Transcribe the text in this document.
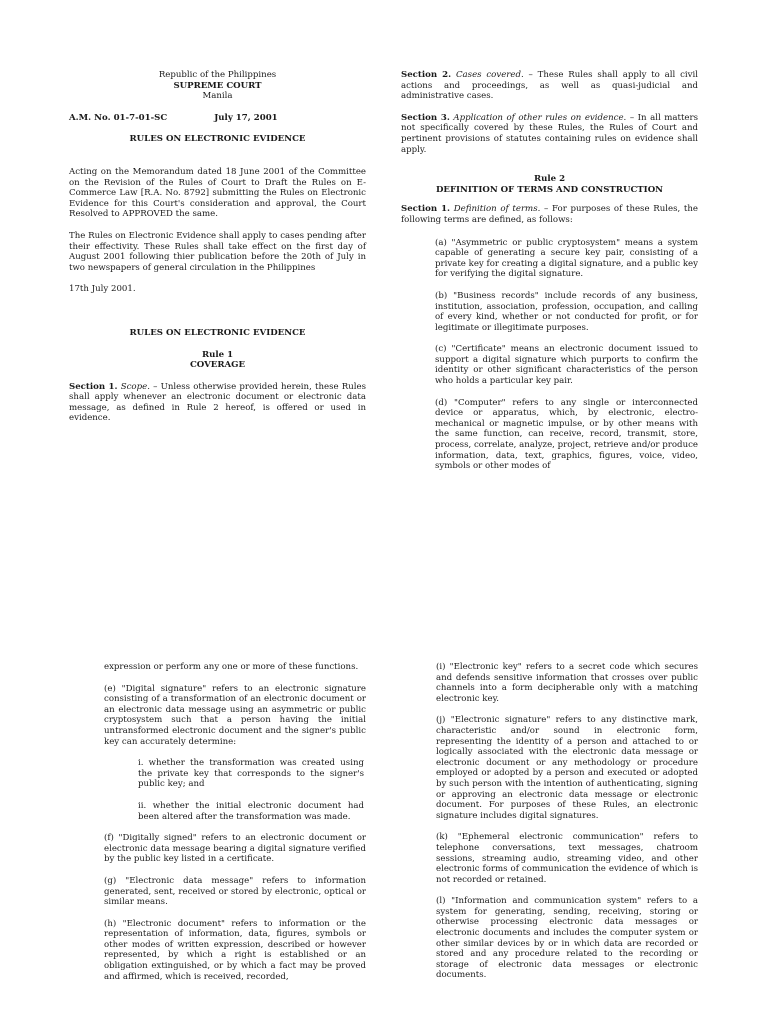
Republic of the Philippines

SUPREME COURT

Manila

A.M. No. 01-7-01-SC	July 17, 2001

RULES ON ELECTRONIC EVIDENCE

Acting on the Memorandum dated 18 June 2001 of the Committee on the Revision of the Rules of Court to Draft the Rules on E-Commerce Law [R.A. No. 8792] submitting the Rules on Electronic Evidence for this Court's consideration and approval, the Court Resolved to APPROVED the same.

The Rules on Electronic Evidence shall apply to cases pending after their effectivity. These Rules shall take effect on the first day of August 2001 following thier publication before the 20th of July in two newspapers of general circulation in the Philippines

17th July 2001.

RULES ON ELECTRONIC EVIDENCE

Rule 1

COVERAGE

Section 1. Scope. – Unless otherwise provided herein, these Rules shall apply whenever an electronic document or electronic data message, as defined in Rule 2 hereof, is offered or used in evidence.

Section 2. Cases covered. – These Rules shall apply to all civil actions and proceedings, as well as quasi-judicial and administrative cases.

Section 3. Application of other rules on evidence. – In all matters not specifically covered by these Rules, the Rules of Court and pertinent provisions of statutes containing rules on evidence shall apply.

Rule 2

DEFINITION OF TERMS AND CONSTRUCTION

Section 1. Definition of terms. – For purposes of these Rules, the following terms are defined, as follows:

(a) "Asymmetric or public cryptosystem" means a system capable of generating a secure key pair, consisting of a private key for creating a digital signature, and a public key for verifying the digital signature.

(b) "Business records" include records of any business, institution, association, profession, occupation, and calling of every kind, whether or not conducted for profit, or for legitimate or illegitimate purposes.

(c) "Certificate" means an electronic document issued to support a digital signature which purports to confirm the identity or other significant characteristics of the person who holds a particular key pair.

(d) "Computer" refers to any single or interconnected device or apparatus, which, by electronic, electro-mechanical or magnetic impulse, or by other means with the same function, can receive, record, transmit, store, process, correlate, analyze, project, retrieve and/or produce information, data, text, graphics, figures, voice, video, symbols or other modes of

expression or perform any one or more of these functions.

(e) "Digital signature" refers to an electronic signature consisting of a transformation of an electronic document or an electronic data message using an asymmetric or public cryptosystem such that a person having the initial untransformed electronic document and the signer's public key can accurately determine:

i. whether the transformation was created using the private key that corresponds to the signer's public key; and

ii. whether the initial electronic document had been altered after the transformation was made.

(f) "Digitally signed" refers to an electronic document or electronic data message bearing a digital signature verified by the public key listed in a certificate.

(g) "Electronic data message" refers to information generated, sent, received or stored by electronic, optical or similar means.

(h) "Electronic document" refers to information or the representation of information, data, figures, symbols or other modes of written expression, described or however represented, by which a right is established or an obligation extinguished, or by which a fact may be proved and affirmed, which is received, recorded,

(i) "Electronic key" refers to a secret code which secures and defends sensitive information that crosses over public channels into a form decipherable only with a matching electronic key.

(j) "Electronic signature" refers to any distinctive mark, characteristic and/or sound in electronic form, representing the identity of a person and attached to or logically associated with the electronic data message or electronic document or any methodology or procedure employed or adopted by a person and executed or adopted by such person with the intention of authenticating, signing or approving an electronic data message or electronic document. For purposes of these Rules, an electronic signature includes digital signatures.

(k) "Ephemeral electronic communication" refers to telephone conversations, text messages, chatroom sessions, streaming audio, streaming video, and other electronic forms of communication the evidence of which is not recorded or retained.

(l) "Information and communication system" refers to a system for generating, sending, receiving, storing or otherwise processing electronic data messages or electronic documents and includes the computer system or other similar devices by or in which data are recorded or stored and any procedure related to the recording or storage of electronic data messages or electronic documents.
